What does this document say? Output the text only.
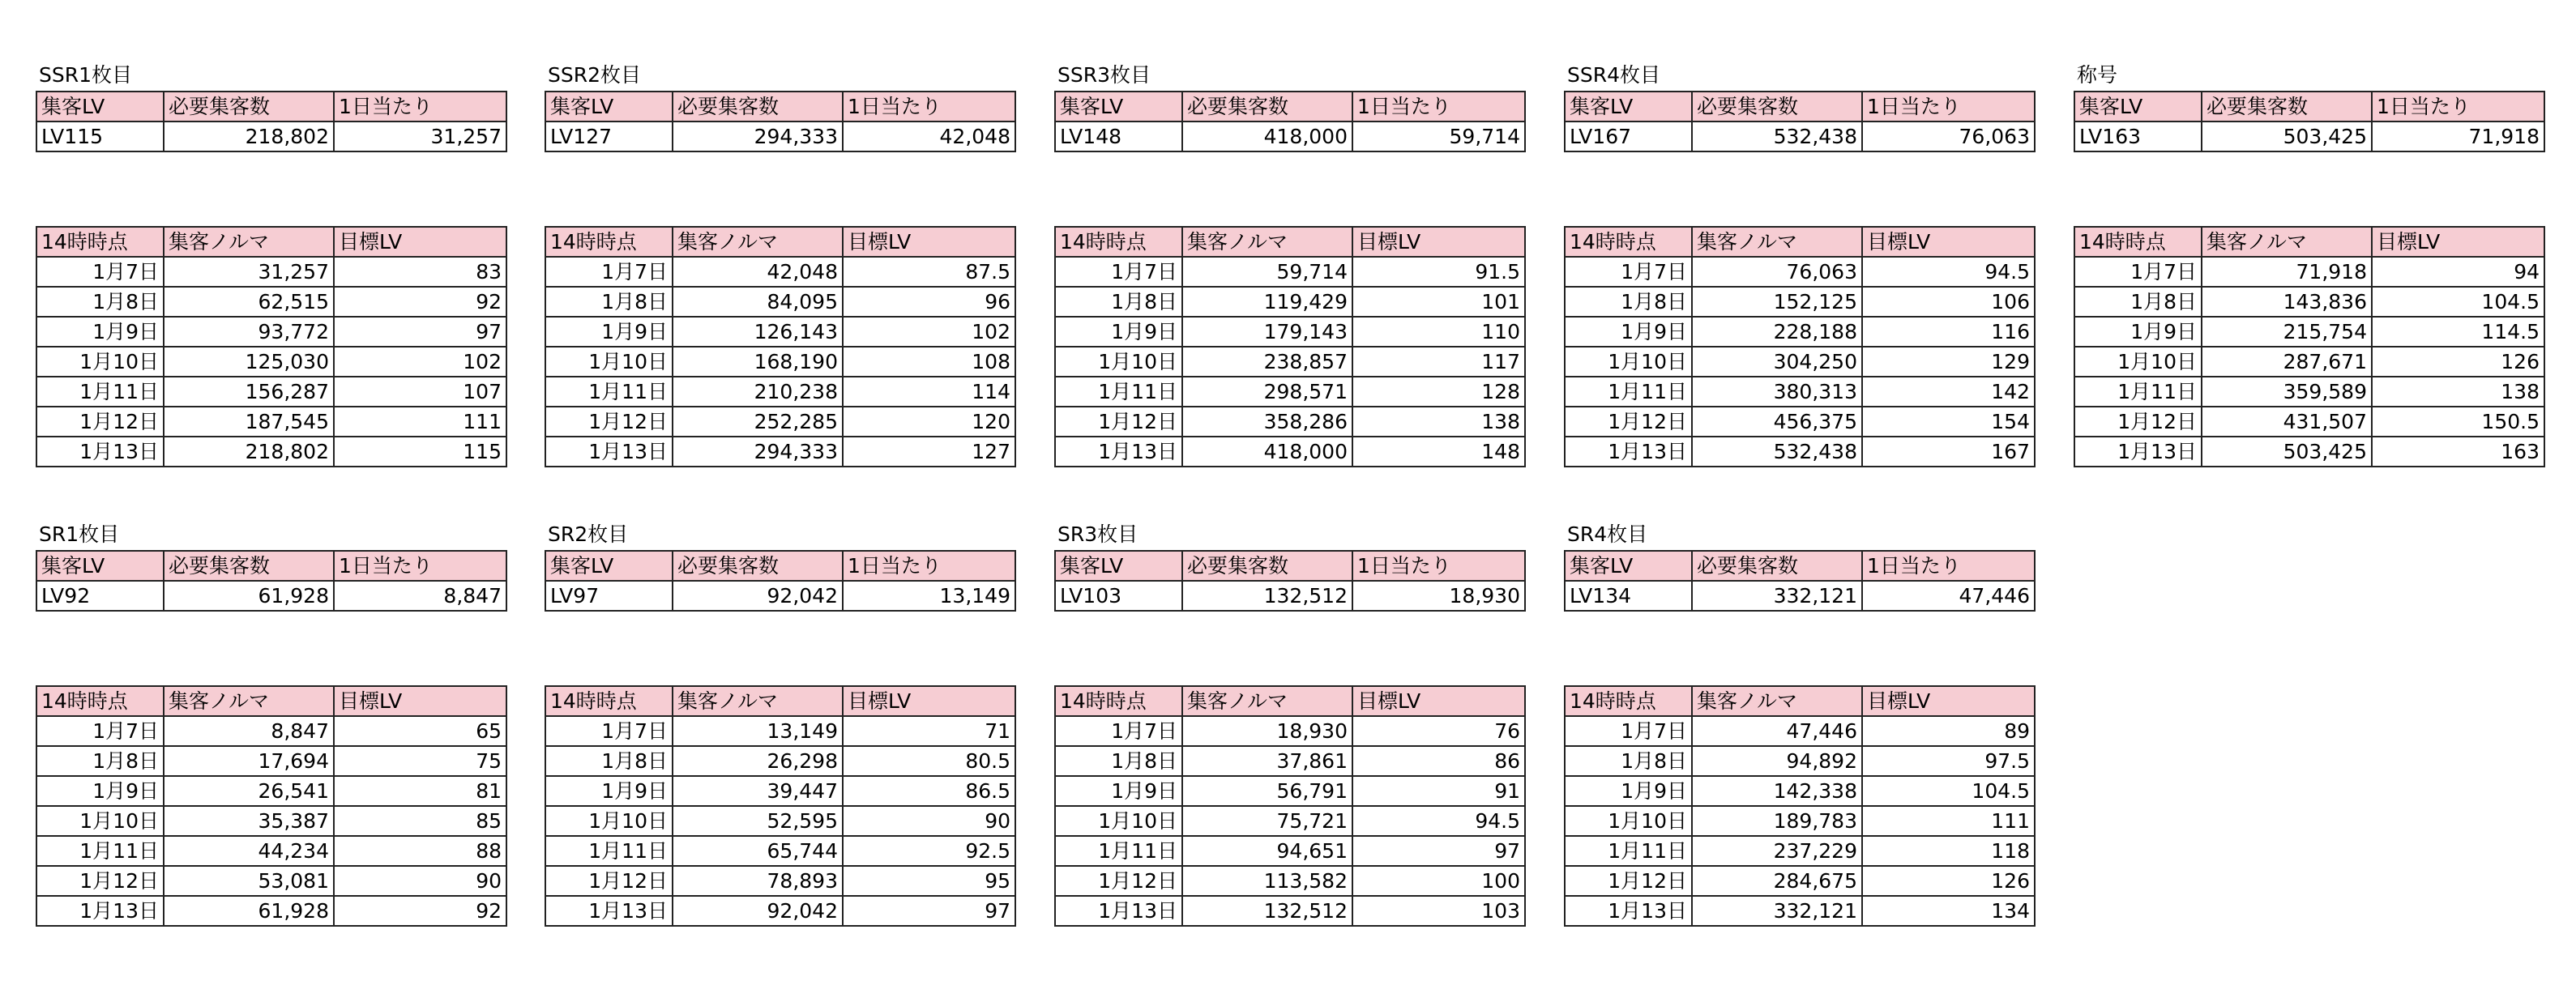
SSR1枚目
集客LV	必要集客数	1日当たり
LV115	218,802	31,257
14時時点	集客ノルマ	目標LV
1月7日	31,257	83
1月8日	62,515	92
1月9日	93,772	97
1月10日	125,030	102
1月11日	156,287	107
1月12日	187,545	111
1月13日	218,802	115
SSR2枚目
集客LV	必要集客数	1日当たり
LV127	294,333	42,048
14時時点	集客ノルマ	目標LV
1月7日	42,048	87.5
1月8日	84,095	96
1月9日	126,143	102
1月10日	168,190	108
1月11日	210,238	114
1月12日	252,285	120
1月13日	294,333	127
SSR3枚目
集客LV	必要集客数	1日当たり
LV148	418,000	59,714
14時時点	集客ノルマ	目標LV
1月7日	59,714	91.5
1月8日	119,429	101
1月9日	179,143	110
1月10日	238,857	117
1月11日	298,571	128
1月12日	358,286	138
1月13日	418,000	148
SSR4枚目
集客LV	必要集客数	1日当たり
LV167	532,438	76,063
14時時点	集客ノルマ	目標LV
1月7日	76,063	94.5
1月8日	152,125	106
1月9日	228,188	116
1月10日	304,250	129
1月11日	380,313	142
1月12日	456,375	154
1月13日	532,438	167
称号
集客LV	必要集客数	1日当たり
LV163	503,425	71,918
14時時点	集客ノルマ	目標LV
1月7日	71,918	94
1月8日	143,836	104.5
1月9日	215,754	114.5
1月10日	287,671	126
1月11日	359,589	138
1月12日	431,507	150.5
1月13日	503,425	163
SR1枚目
集客LV	必要集客数	1日当たり
LV92	61,928	8,847
14時時点	集客ノルマ	目標LV
1月7日	8,847	65
1月8日	17,694	75
1月9日	26,541	81
1月10日	35,387	85
1月11日	44,234	88
1月12日	53,081	90
1月13日	61,928	92
SR2枚目
集客LV	必要集客数	1日当たり
LV97	92,042	13,149
14時時点	集客ノルマ	目標LV
1月7日	13,149	71
1月8日	26,298	80.5
1月9日	39,447	86.5
1月10日	52,595	90
1月11日	65,744	92.5
1月12日	78,893	95
1月13日	92,042	97
SR3枚目
集客LV	必要集客数	1日当たり
LV103	132,512	18,930
14時時点	集客ノルマ	目標LV
1月7日	18,930	76
1月8日	37,861	86
1月9日	56,791	91
1月10日	75,721	94.5
1月11日	94,651	97
1月12日	113,582	100
1月13日	132,512	103
SR4枚目
集客LV	必要集客数	1日当たり
LV134	332,121	47,446
14時時点	集客ノルマ	目標LV
1月7日	47,446	89
1月8日	94,892	97.5
1月9日	142,338	104.5
1月10日	189,783	111
1月11日	237,229	118
1月12日	284,675	126
1月13日	332,121	134
